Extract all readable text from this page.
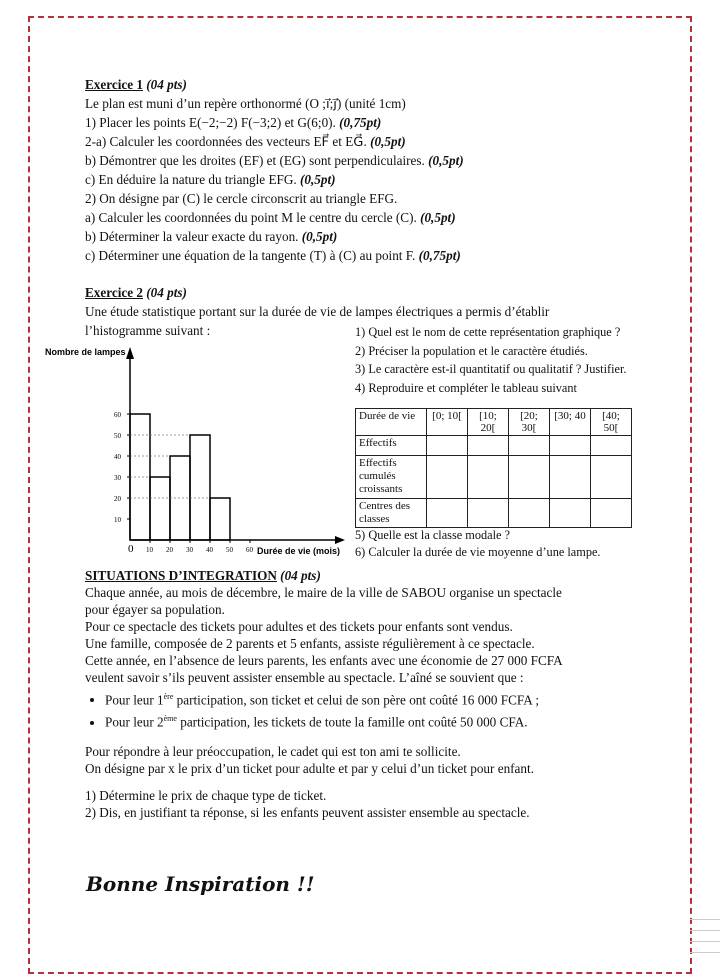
Exercice 1 (04 pts)
Le plan est muni d’un repère orthonormé (O ;i⃗;j⃗) (unité 1cm)
1) Placer les points E(−2;−2) F(−3;2) et G(6;0). (0,75pt)
2-a) Calculer les coordonnées des vecteurs EF⃗ et EG⃗. (0,5pt)
b) Démontrer que les droites (EF) et (EG) sont perpendiculaires. (0,5pt)
c) En déduire la nature du triangle EFG. (0,5pt)
2) On désigne par (C) le cercle circonscrit au triangle EFG.
a) Calculer les coordonnées du point M le centre du cercle (C). (0,5pt)
b) Déterminer la valeur exacte du rayon. (0,5pt)
c) Déterminer une équation de la tangente (T) à (C) au point F. (0,75pt)
Exercice 2 (04 pts)
Une étude statistique portant sur la durée de vie de lampes électriques a permis d’établir
l’histogramme suivant :	1) Quel est le nom de cette représentation graphique ?
2) Préciser la population et le caractère étudiés.
3) Le caractère est-il quantitatif ou qualitatif ? Justifier.
4) Reproduire et compléter le tableau suivant
Durée de vie	[0; 10[	[10; 20[	[20; 30[	[30; 40	[40; 50[
Effectifs					
Effectifs cumulés croissants					
Centres des classes					
5) Quelle est la classe modale ?
6) Calculer la durée de vie moyenne d’une lampe.
Nombre de lampes
Durée de vie (mois)
0
10
20
30
40
50
60
10 20 30 40 50 60
SITUATIONS D’INTEGRATION (04 pts)
Chaque année, au mois de décembre, le maire de la ville de SABOU organise un spectacle
pour égayer sa population.
Pour ce spectacle des tickets pour adultes et des tickets pour enfants sont vendus.
Une famille, composée de 2 parents et 5 enfants, assiste régulièrement à ce spectacle.
Cette année, en l’absence de leurs parents, les enfants avec une économie de 27 000 FCFA
veulent savoir s’ils peuvent assister ensemble au spectacle. L’aîné se souvient que :
• Pour leur 1ère participation, son ticket et celui de son père ont coûté 16 000 FCFA ;
• Pour leur 2ème participation, les tickets de toute la famille ont coûté 50 000 CFA.
Pour répondre à leur préoccupation, le cadet qui est ton ami te sollicite.
On désigne par x le prix d’un ticket pour adulte et par y celui d’un ticket pour enfant.
1) Détermine le prix de chaque type de ticket.
2) Dis, en justifiant ta réponse, si les enfants peuvent assister ensemble au spectacle.
Bonne Inspiration !!
